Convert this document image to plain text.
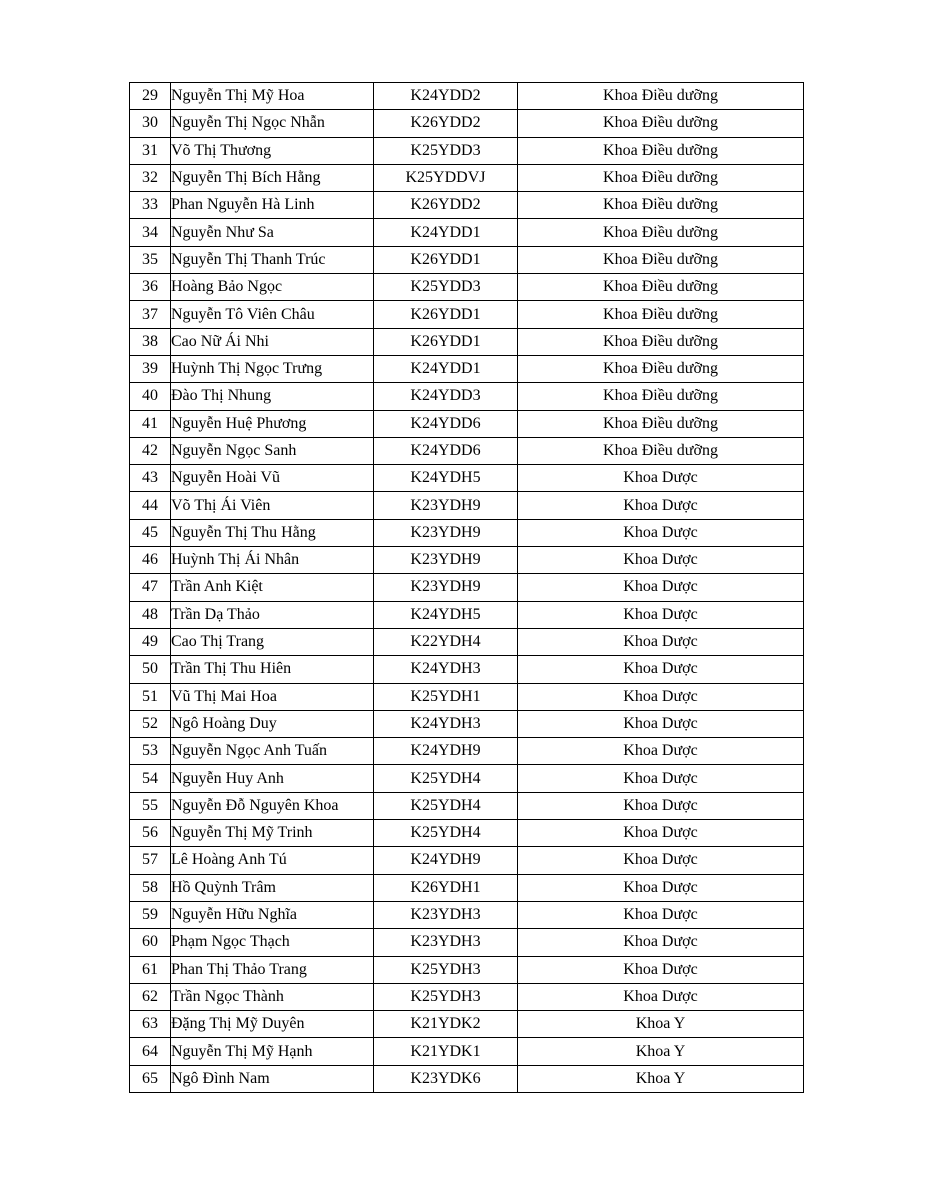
29	Nguyễn Thị Mỹ Hoa	K24YDD2	Khoa Điều dưỡng
30	Nguyễn Thị Ngọc Nhẫn	K26YDD2	Khoa Điều dưỡng
31	Võ Thị Thương	K25YDD3	Khoa Điều dưỡng
32	Nguyễn Thị Bích Hằng	K25YDDVJ	Khoa Điều dưỡng
33	Phan Nguyễn Hà Linh	K26YDD2	Khoa Điều dưỡng
34	Nguyễn Như Sa	K24YDD1	Khoa Điều dưỡng
35	Nguyễn Thị Thanh Trúc	K26YDD1	Khoa Điều dưỡng
36	Hoàng Bảo Ngọc	K25YDD3	Khoa Điều dưỡng
37	Nguyễn Tô Viên Châu	K26YDD1	Khoa Điều dưỡng
38	Cao Nữ Ái Nhi	K26YDD1	Khoa Điều dưỡng
39	Huỳnh Thị Ngọc Trưng	K24YDD1	Khoa Điều dưỡng
40	Đào Thị Nhung	K24YDD3	Khoa Điều dưỡng
41	Nguyễn Huệ Phương	K24YDD6	Khoa Điều dưỡng
42	Nguyễn Ngọc Sanh	K24YDD6	Khoa Điều dưỡng
43	Nguyễn Hoài Vũ	K24YDH5	Khoa Dược
44	Võ Thị Ái Viên	K23YDH9	Khoa Dược
45	Nguyễn Thị Thu Hằng	K23YDH9	Khoa Dược
46	Huỳnh Thị Ái Nhân	K23YDH9	Khoa Dược
47	Trần Anh Kiệt	K23YDH9	Khoa Dược
48	Trần Dạ Thảo	K24YDH5	Khoa Dược
49	Cao Thị Trang	K22YDH4	Khoa Dược
50	Trần Thị Thu Hiên	K24YDH3	Khoa Dược
51	Vũ Thị Mai Hoa	K25YDH1	Khoa Dược
52	Ngô Hoàng Duy	K24YDH3	Khoa Dược
53	Nguyễn Ngọc Anh Tuấn	K24YDH9	Khoa Dược
54	Nguyễn Huy Anh	K25YDH4	Khoa Dược
55	Nguyễn Đỗ Nguyên Khoa	K25YDH4	Khoa Dược
56	Nguyễn Thị Mỹ Trinh	K25YDH4	Khoa Dược
57	Lê Hoàng Anh Tú	K24YDH9	Khoa Dược
58	Hồ Quỳnh Trâm	K26YDH1	Khoa Dược
59	Nguyễn Hữu Nghĩa	K23YDH3	Khoa Dược
60	Phạm Ngọc Thạch	K23YDH3	Khoa Dược
61	Phan Thị Thảo Trang	K25YDH3	Khoa Dược
62	Trần Ngọc Thành	K25YDH3	Khoa Dược
63	Đặng Thị Mỹ Duyên	K21YDK2	Khoa Y
64	Nguyễn Thị Mỹ Hạnh	K21YDK1	Khoa Y
65	Ngô Đình Nam	K23YDK6	Khoa Y
